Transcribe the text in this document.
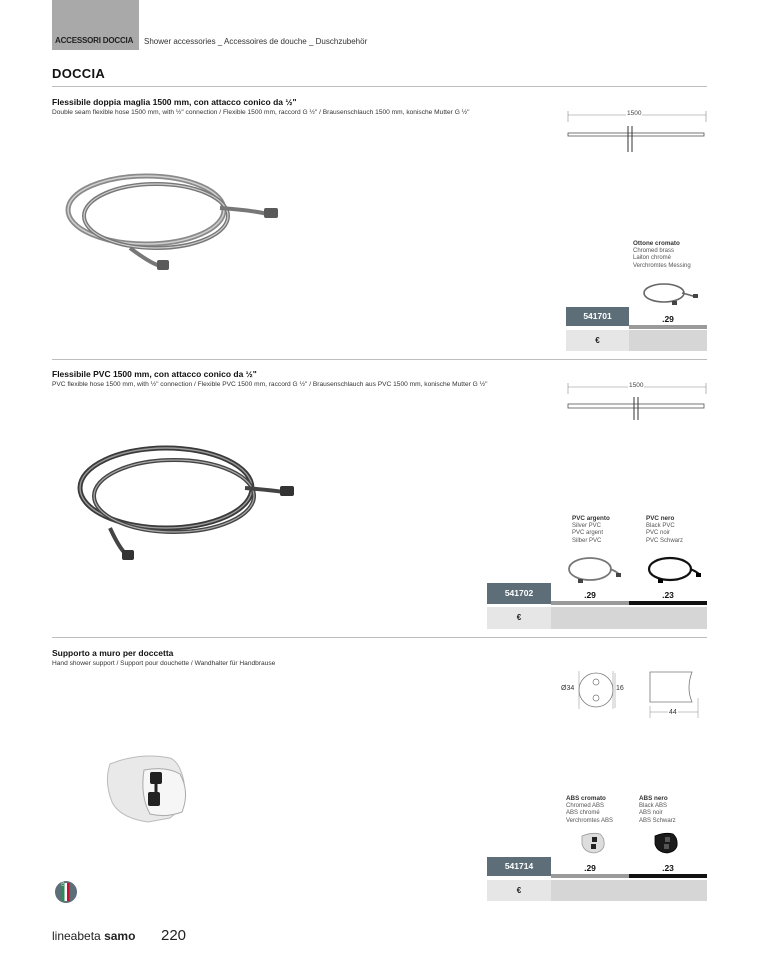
ACCESSORI DOCCIA Shower accessories _ Accessoires de douche _ Duschzubehör
DOCCIA
Flessibile doppia maglia 1500 mm, con attacco conico da ½"
Double seam flexible hose 1500 mm, with ½" connection / Flexible 1500 mm, raccord G ½" / Brausenschlauch 1500 mm, konische Mutter G ½"	1500
Ottone cromato
Chromed brass
Laiton chromé
Verchromtes Messing
541701	.29
€
Flessibile PVC 1500 mm, con attacco conico da ½"
PVC flexible hose 1500 mm, with ½" connection / Flexible PVC 1500 mm, raccord G ½" / Brausenschlauch aus PVC 1500 mm, konische Mutter G ½"	1500
PVC argento
Silver PVC
PVC argent
Silber PVC
PVC nero
Black PVC
PVC noir
PVC Schwarz
541702	.29	.23
€
Supporto a muro per doccetta
Hand shower support / Support pour douchette / Wandhalter für Handbrause
Ø34	16
44
ABS cromato
Chromed ABS
ABS chromé
Verchromtes ABS
ABS nero
Black ABS
ABS noir
ABS Schwarz
541714	.29	.23
€
ITALY
lineabeta samo 220
